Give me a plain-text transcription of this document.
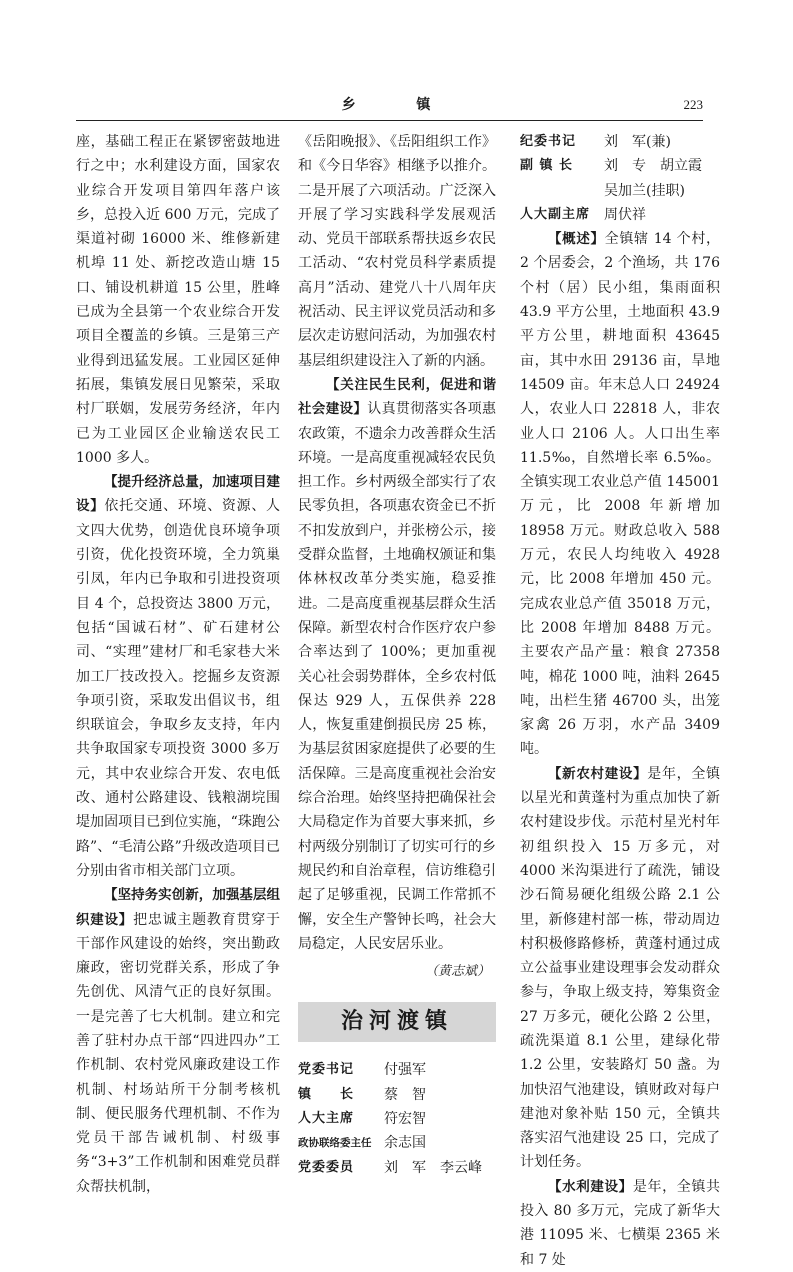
乡 镇	223

座，基础工程正在紧锣密鼓地进行之中；水利建设方面，国家农业综合开发项目第四年落户该乡，总投入近 600 万元，完成了渠道衬砌 16000 米、维修新建机埠 11 处、新挖改造山塘 15 口、铺设机耕道 15 公里，胜峰已成为全县第一个农业综合开发项目全覆盖的乡镇。三是第三产业得到迅猛发展。工业园区延伸拓展，集镇发展日见繁荣，采取村厂联姻，发展劳务经济，年内已为工业园区企业输送农民工 1000 多人。

【提升经济总量，加速项目建设】依托交通、环境、资源、人文四大优势，创造优良环境争项引资，优化投资环境，全力筑巢引凤，年内已争取和引进投资项目 4 个，总投资达 3800 万元，包括“国诚石材”、矿石建材公司、“实理”建材厂和毛家巷大米加工厂技改投入。挖掘乡友资源争项引资，采取发出倡议书，组织联谊会，争取乡友支持，年内共争取国家专项投资 3000 多万元，其中农业综合开发、农电低改、通村公路建设、钱粮湖垸围堤加固项目已到位实施，“珠跑公路”、“毛清公路”升级改造项目已分别由省市相关部门立项。

【坚持务实创新，加强基层组织建设】把忠诚主题教育贯穿于干部作风建设的始终，突出勤政廉政，密切党群关系，形成了争先创优、风清气正的良好氛围。一是完善了七大机制。建立和完善了驻村办点干部“四进四办”工作机制、农村党风廉政建设工作机制、村场站所干分制考核机制、便民服务代理机制、不作为党员干部告诫机制、村级事务“3+3”工作机制和困难党员群众帮扶机制，

《岳阳晚报》、《岳阳组织工作》和《今日华容》相继予以推介。二是开展了六项活动。广泛深入开展了学习实践科学发展观活动、党员干部联系帮扶返乡农民工活动、“农村党员科学素质提高月”活动、建党八十八周年庆祝活动、民主评议党员活动和多层次走访慰问活动，为加强农村基层组织建设注入了新的内涵。

【关注民生民利，促进和谐社会建设】认真贯彻落实各项惠农政策，不遗余力改善群众生活环境。一是高度重视减轻农民负担工作。乡村两级全部实行了农民零负担，各项惠农资金已不折不扣发放到户，并张榜公示，接受群众监督，土地确权颁证和集体林权改革分类实施，稳妥推进。二是高度重视基层群众生活保障。新型农村合作医疗农户参合率达到了 100%；更加重视关心社会弱势群体，全乡农村低保达 929 人，五保供养 228 人，恢复重建倒损民房 25 栋，为基层贫困家庭提供了必要的生活保障。三是高度重视社会治安综合治理。始终坚持把确保社会大局稳定作为首要大事来抓，乡村两级分别制订了切实可行的乡规民约和自治章程，信访维稳引起了足够重视，民调工作常抓不懈，安全生产警钟长鸣，社会大局稳定，人民安居乐业。

（黄志斌）

治河渡镇
党委书记	付强军
镇　　长	蔡　智
人大主席	符宏智
政协联络委主任 余志国
党委委员	刘　军　李云峰
纪委书记	刘　军(兼)
副 镇 长	刘　专　胡立霞
吴加兰(挂职)
人大副主席 周伏祥

【概述】全镇辖 14 个村，2 个居委会，2 个渔场，共 176 个村（居）民小组，集雨面积 43.9 平方公里，土地面积 43.9 平方公里，耕地面积 43645 亩，其中水田 29136 亩，旱地 14509 亩。年末总人口 24924 人，农业人口 22818 人，非农业人口 2106 人。人口出生率 11.5‰，自然增长率 6.5‰。全镇实现工农业总产值 145001 万元，比 2008 年新增加 18958 万元。财政总收入 588 万元，农民人均纯收入 4928 元，比 2008 年增加 450 元。完成农业总产值 35018 万元，比 2008 年增加 8488 万元。主要农产品产量：粮食 27358 吨，棉花 1000 吨，油料 2645 吨，出栏生猪 46700 头，出笼家禽 26 万羽，水产品 3409 吨。

【新农村建设】是年，全镇以星光和黄蓬村为重点加快了新农村建设步伐。示范村星光村年初组织投入 15 万多元，对 4000 米沟渠进行了疏洗，铺设沙石简易硬化组级公路 2.1 公里，新修建村部一栋，带动周边村积极修路修桥，黄蓬村通过成立公益事业建设理事会发动群众参与，争取上级支持，筹集资金 27 万多元，硬化公路 2 公里，疏洗渠道 8.1 公里，建绿化带 1.2 公里，安装路灯 50 盏。为加快沼气池建设，镇财政对每户建池对象补贴 150 元，全镇共落实沼气池建设 25 口，完成了计划任务。

【水利建设】是年，全镇共投入 80 多万元，完成了新华大港 11095 米、七横渠 2365 米和 7 处
